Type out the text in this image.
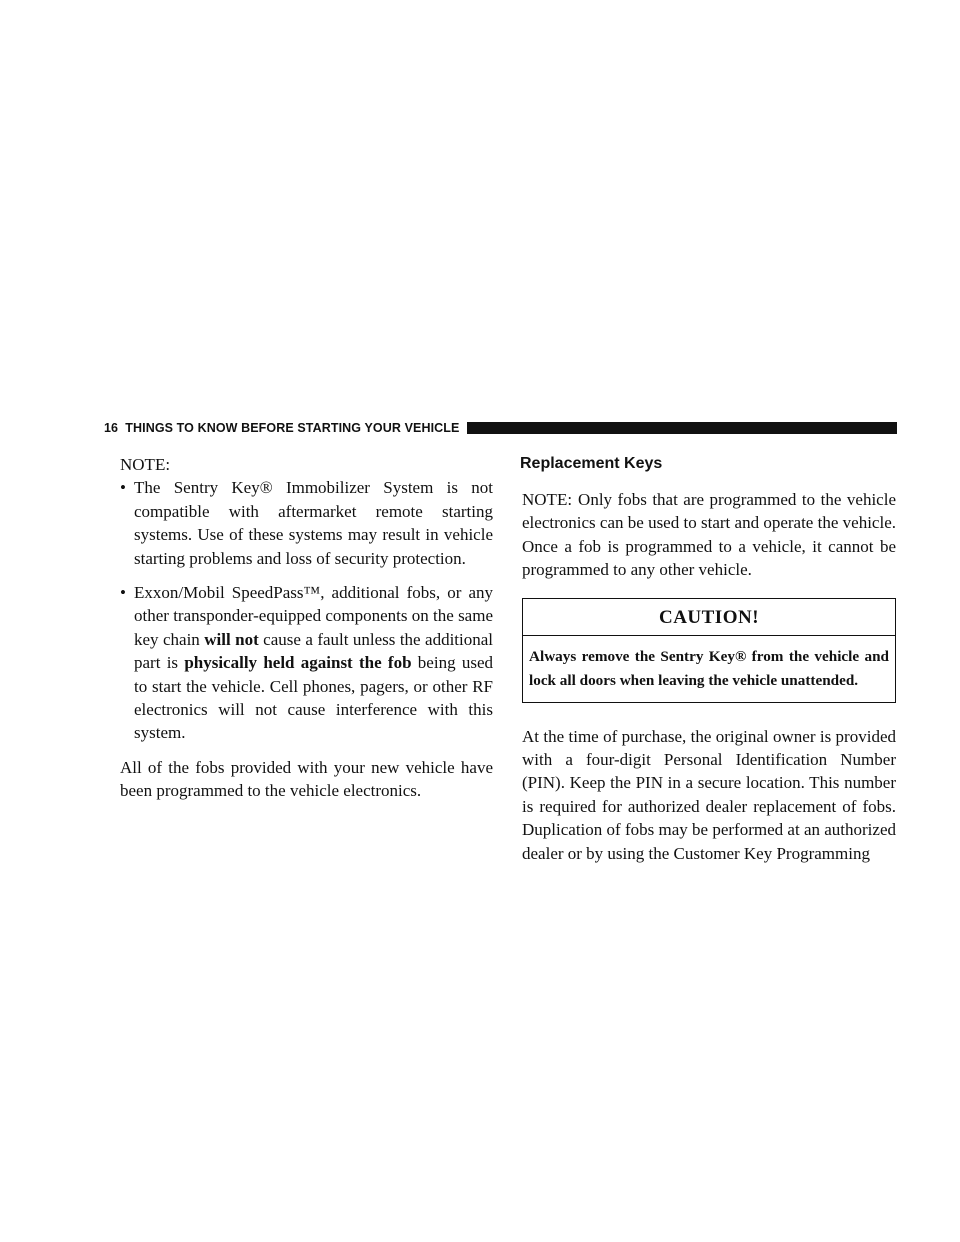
16 THINGS TO KNOW BEFORE STARTING YOUR VEHICLE
NOTE:
• The Sentry Key® Immobilizer System is not compatible with aftermarket remote starting systems. Use of these systems may result in vehicle starting problems and loss of security protection.

• Exxon/Mobil SpeedPass™, additional fobs, or any other transponder-equipped components on the same key chain will not cause a fault unless the additional part is physically held against the fob being used to start the vehicle. Cell phones, pagers, or other RF electronics will not cause interference with this system.

All of the fobs provided with your new vehicle have been programmed to the vehicle electronics.

Replacement Keys

NOTE: Only fobs that are programmed to the vehicle electronics can be used to start and operate the vehicle. Once a fob is programmed to a vehicle, it cannot be programmed to any other vehicle.

CAUTION!
Always remove the Sentry Key® from the vehicle and lock all doors when leaving the vehicle unattended.

At the time of purchase, the original owner is provided with a four-digit Personal Identification Number (PIN). Keep the PIN in a secure location. This number is required for authorized dealer replacement of fobs. Duplication of fobs may be performed at an authorized dealer or by using the Customer Key Programming
